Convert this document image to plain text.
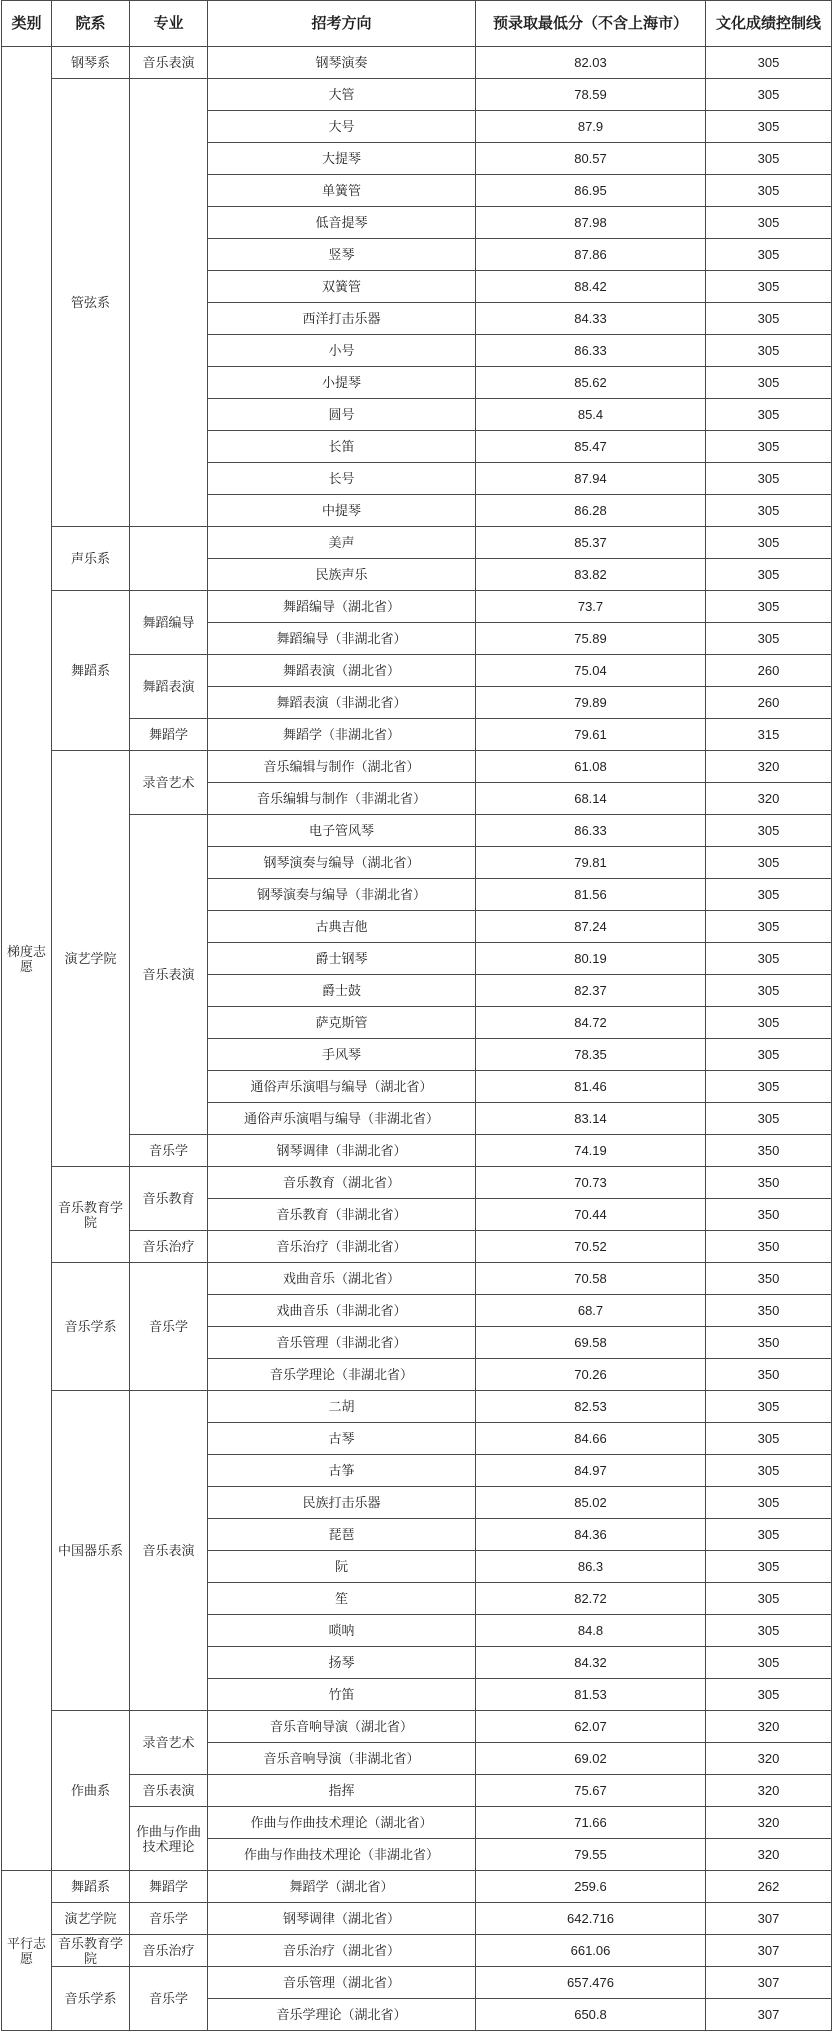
类别	院系	专业	招考方向	预录取最低分（不含上海市）	文化成绩控制线
梯度志愿	钢琴系	音乐表演	钢琴演奏	82.03	305
	管弦系		大管	78.59	305
			大号	87.9	305
			大提琴	80.57	305
			单簧管	86.95	305
			低音提琴	87.98	305
			竖琴	87.86	305
			双簧管	88.42	305
			西洋打击乐器	84.33	305
			小号	86.33	305
			小提琴	85.62	305
			圆号	85.4	305
			长笛	85.47	305
			长号	87.94	305
			中提琴	86.28	305
	声乐系		美声	85.37	305
			民族声乐	83.82	305
	舞蹈系	舞蹈编导	舞蹈编导（湖北省）	73.7	305
			舞蹈编导（非湖北省）	75.89	305
		舞蹈表演	舞蹈表演（湖北省）	75.04	260
			舞蹈表演（非湖北省）	79.89	260
		舞蹈学	舞蹈学（非湖北省）	79.61	315
	演艺学院	录音艺术	音乐编辑与制作（湖北省）	61.08	320
			音乐编辑与制作（非湖北省）	68.14	320
		音乐表演	电子管风琴	86.33	305
			钢琴演奏与编导（湖北省）	79.81	305
			钢琴演奏与编导（非湖北省）	81.56	305
			古典吉他	87.24	305
			爵士钢琴	80.19	305
			爵士鼓	82.37	305
			萨克斯管	84.72	305
			手风琴	78.35	305
			通俗声乐演唱与编导（湖北省）	81.46	305
			通俗声乐演唱与编导（非湖北省）	83.14	305
		音乐学	钢琴调律（非湖北省）	74.19	350
	音乐教育学院	音乐教育	音乐教育（湖北省）	70.73	350
			音乐教育（非湖北省）	70.44	350
		音乐治疗	音乐治疗（非湖北省）	70.52	350
	音乐学系	音乐学	戏曲音乐（湖北省）	70.58	350
			戏曲音乐（非湖北省）	68.7	350
			音乐管理（非湖北省）	69.58	350
			音乐学理论（非湖北省）	70.26	350
	中国器乐系	音乐表演	二胡	82.53	305
			古琴	84.66	305
			古筝	84.97	305
			民族打击乐器	85.02	305
			琵琶	84.36	305
			阮	86.3	305
			笙	82.72	305
			唢呐	84.8	305
			扬琴	84.32	305
			竹笛	81.53	305
	作曲系	录音艺术	音乐音响导演（湖北省）	62.07	320
			音乐音响导演（非湖北省）	69.02	320
		音乐表演	指挥	75.67	320
		作曲与作曲技术理论	作曲与作曲技术理论（湖北省）	71.66	320
			作曲与作曲技术理论（非湖北省）	79.55	320
平行志愿	舞蹈系	舞蹈学	舞蹈学（湖北省）	259.6	262
	演艺学院	音乐学	钢琴调律（湖北省）	642.716	307
	音乐教育学院	音乐治疗	音乐治疗（湖北省）	661.06	307
	音乐学系	音乐学	音乐管理（湖北省）	657.476	307
			音乐学理论（湖北省）	650.8	307
